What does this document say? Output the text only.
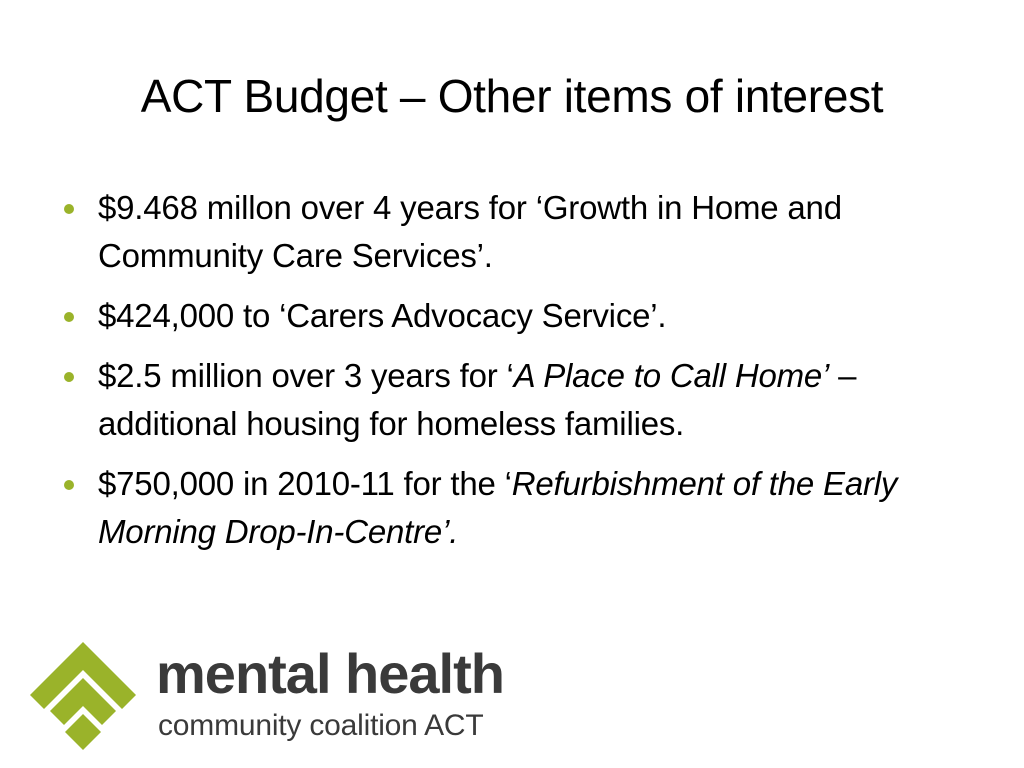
ACT Budget – Other items of interest
$9.468 millon over 4 years for ‘Growth in Home and Community Care Services’.
$424,000 to ‘Carers Advocacy Service’.
$2.5 million over 3 years for ‘A Place to Call Home’ – additional housing for homeless families.
$750,000 in 2010-11 for the ‘Refurbishment of the Early Morning Drop-In-Centre’.
mental health
community coalition ACT
